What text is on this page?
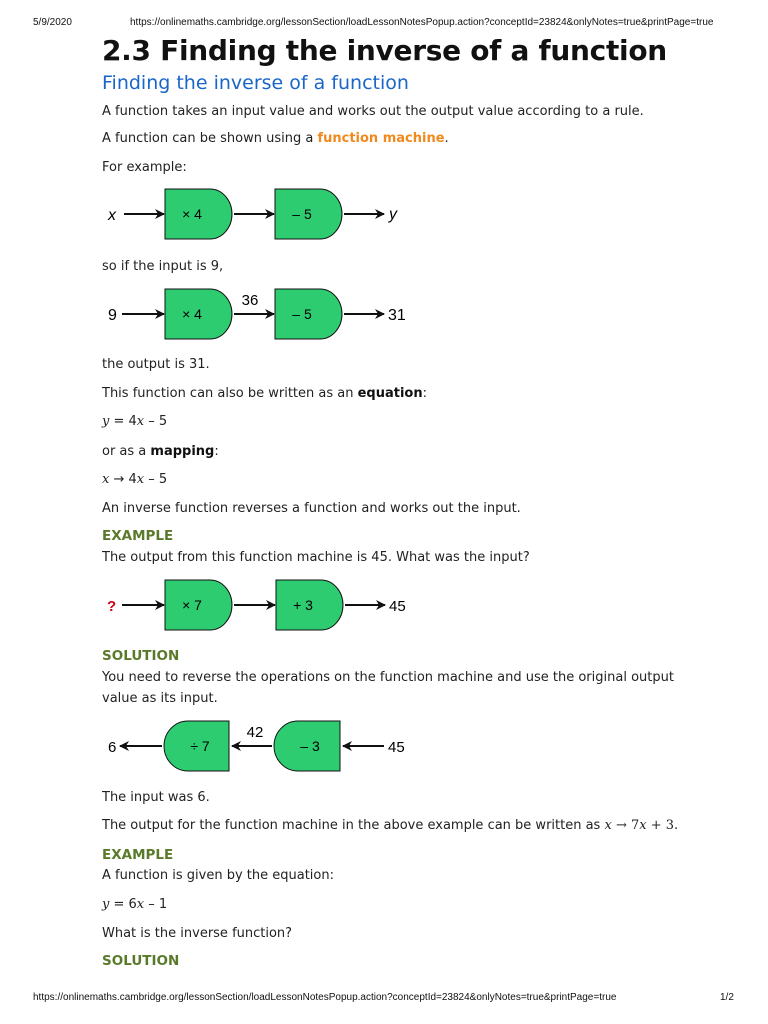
5/9/2020	https://onlinemaths.cambridge.org/lessonSection/loadLessonNotesPopup.action?conceptId=23824&onlyNotes=true&printPage=true
2.3 Finding the inverse of a function
Finding the inverse of a function
A function takes an input value and works out the output value according to a rule.
A function can be shown using a function machine.
For example:
x	× 4	– 5	y
so if the input is 9,
9	× 4
36
– 5	31
the output is 31.
This function can also be written as an equation:
y = 4x – 5
or as a mapping:
x → 4x – 5
An inverse function reverses a function and works out the input.
EXAMPLE
The output from this function machine is 45. What was the input?
?	× 7	+ 3	45
SOLUTION
You need to reverse the operations on the function machine and use the original output
value as its input.
6	÷ 7
42
– 3	45
The input was 6.
The output for the function machine in the above example can be written as x → 7x + 3.
EXAMPLE
A function is given by the equation:
y = 6x – 1
What is the inverse function?
SOLUTION
https://onlinemaths.cambridge.org/lessonSection/loadLessonNotesPopup.action?conceptId=23824&onlyNotes=true&printPage=true	1/2
